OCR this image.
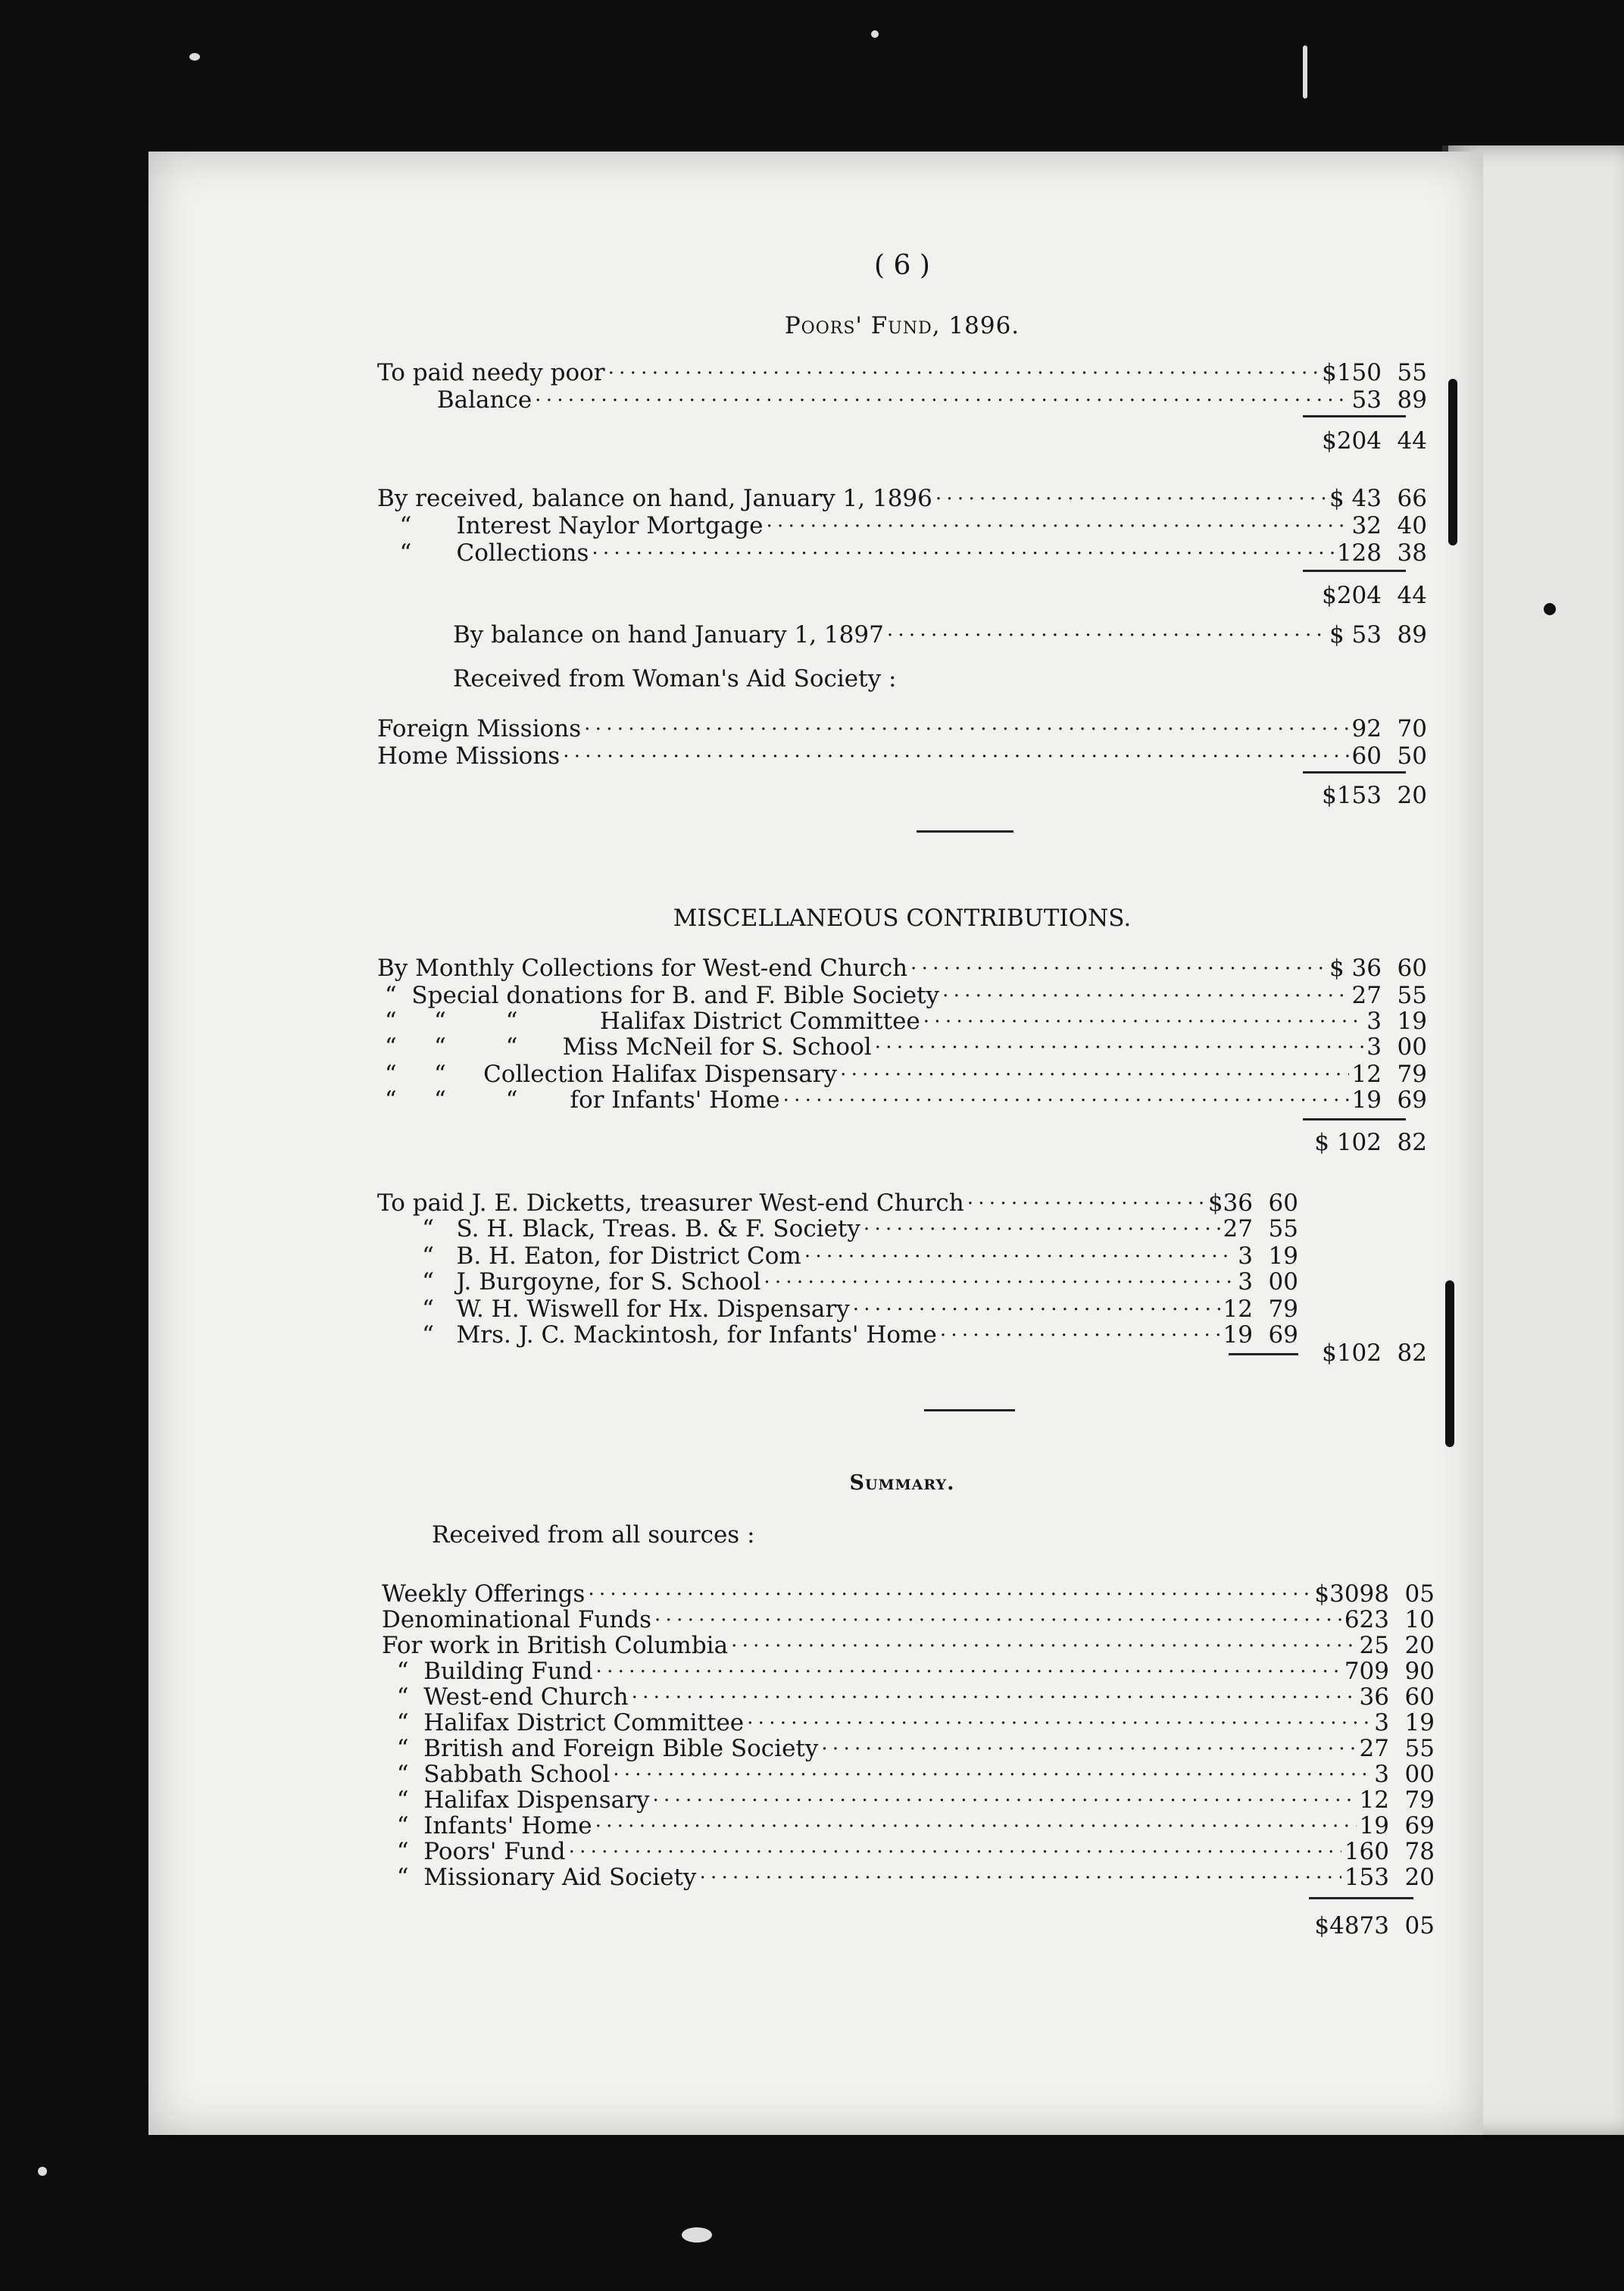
( 6 )
Poors' Fund, 1896.
To paid needy poor . . .	$150 55
Balance . . .	53 89
$204 44
By received, balance on hand, January 1, 1896 . . .	$ 43 66
“      Interest Naylor Mortgage . . .	32 40
“      Collections . . .	128 38
$204 44
By balance on hand January 1, 1897 . . .	$ 53 89
Received from Woman's Aid Society :
Foreign Missions . . .	92 70
Home Missions . . .	60 50
$153 20
MISCELLANEOUS CONTRIBUTIONS.
By Monthly Collections for West-end Church . . .	$ 36 60
“  Special donations for B. and F. Bible Society . . .	27 55
“     “        “           Halifax District Committee . . .	3 19
“     “        “      Miss McNeil for S. School . . .	3 00
“     “     Collection Halifax Dispensary . . .	12 79
“     “        “       for Infants' Home . . .	19 69
$ 102 82
To paid J. E. Dicketts, treasurer West-end Church . . .	$36 60
“   S. H. Black, Treas. B. & F. Society . . .	27 55
“   B. H. Eaton, for District Com . . .	3 19
“   J. Burgoyne, for S. School . . .	3 00
“   W. H. Wiswell for Hx. Dispensary . . .	12 79
“   Mrs. J. C. Mackintosh, for Infants' Home . . .	19 69
$102 82
Summary.
Received from all sources :
Weekly Offerings . . .	$3098 05
Denominational Funds . . .	623 10
For work in British Columbia . . .	25 20
“  Building Fund . . .	709 90
“  West-end Church . . .	36 60
“  Halifax District Committee . . .	3 19
“  British and Foreign Bible Society . . .	27 55
“  Sabbath School . . .	3 00
“  Halifax Dispensary . . .	12 79
“  Infants' Home . . .	19 69
“  Poors' Fund . . .	160 78
“  Missionary Aid Society . . .	153 20
$4873 05
